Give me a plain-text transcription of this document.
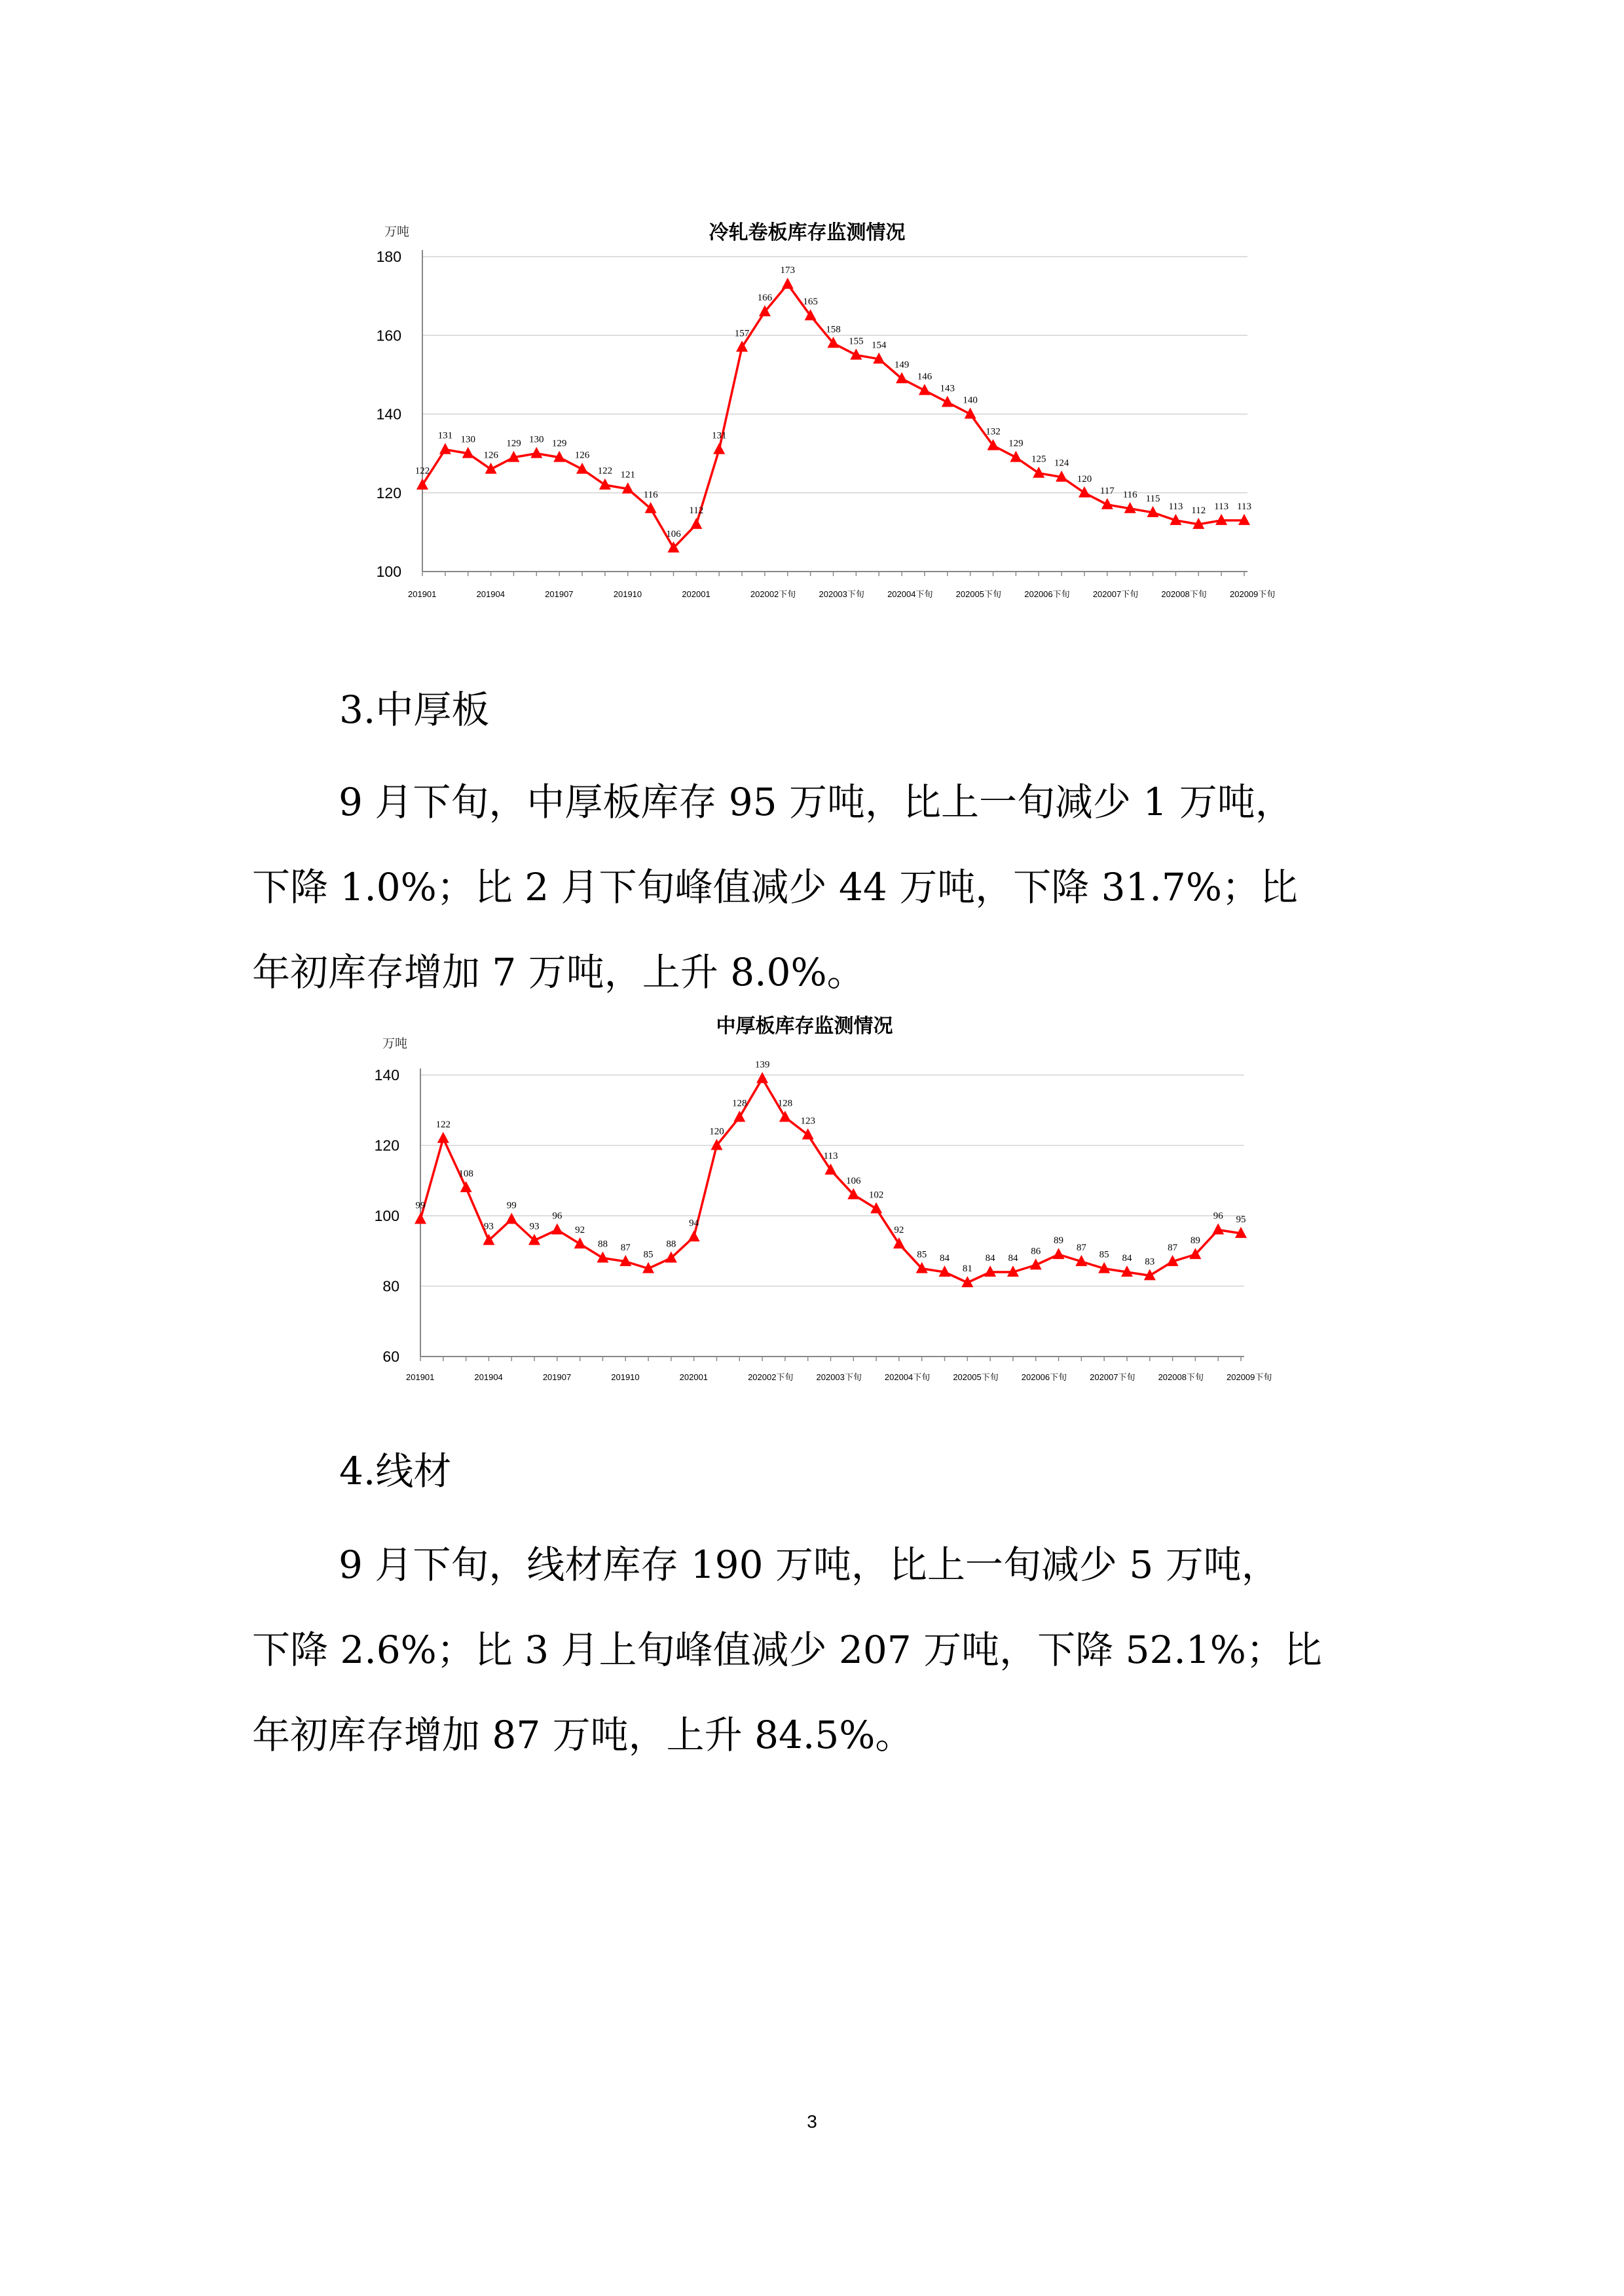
冷轧卷板库存监测情况
万吨
100
120
140
160
180
201901	201904	201907	201910	202001	202002下旬	202003下旬	202004下旬	202005下旬	202006下旬	202007下旬	202008下旬	202009下旬
122
131 130
126
129 130 129
126
122 121
116
106
112
131
157
166
173
165
158
155 154
149
146
143
140
132
129
125 124
120
117 116 115
113 112 113 113
3.中厚板
9 月下旬，中厚板库存 95 万吨，比上一旬减少 1 万吨，
下降 1.0%；比 2 月下旬峰值减少 44 万吨，下降 31.7%；比
年初库存增加 7 万吨，上升 8.0%。
中厚板库存监测情况
万吨
60
80
100
120
140
201901	201904	201907	201910	202001	202002下旬	202003下旬	202004下旬	202005下旬	202006下旬	202007下旬	202008下旬	202009下旬
99
122
108
93
99
93
96
92
88 87
85
88
94
120
128
139
128
123
113
106
102
92
85 84
81
84 84
86
89
87
85 84 83
87
89
96 95
4.线材
9 月下旬，线材库存 190 万吨，比上一旬减少 5 万吨，
下降 2.6%；比 3 月上旬峰值减少 207 万吨，下降 52.1%；比
年初库存增加 87 万吨，上升 84.5%。
3
